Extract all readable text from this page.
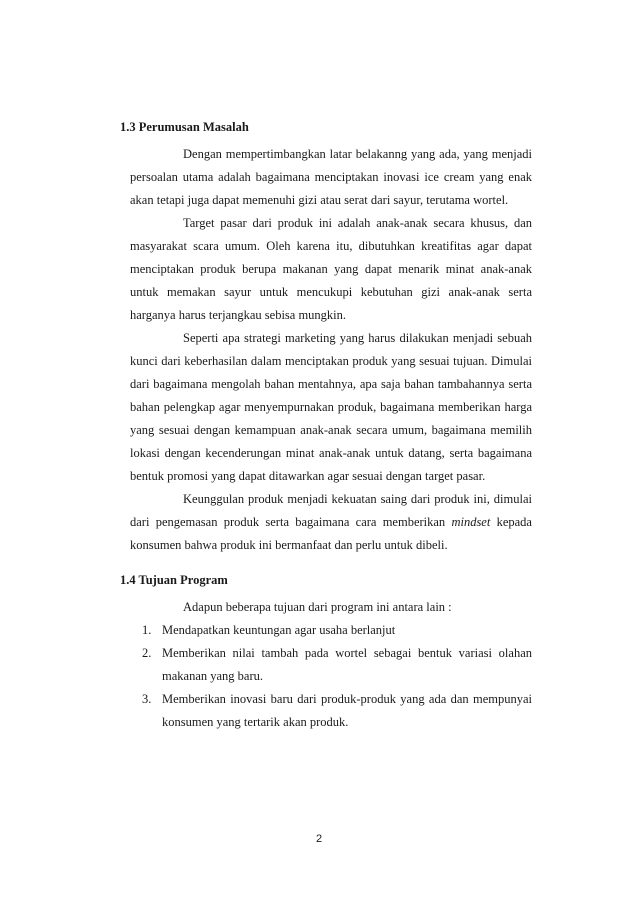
1.3 Perumusan Masalah

Dengan mempertimbangkan latar belakanng yang ada, yang menjadi persoalan utama adalah bagaimana menciptakan inovasi ice cream yang enak akan tetapi juga dapat memenuhi gizi atau serat dari sayur, terutama wortel.

Target pasar dari produk ini adalah anak-anak secara khusus, dan masyarakat scara umum. Oleh karena itu, dibutuhkan kreatifitas agar dapat menciptakan produk berupa makanan yang dapat menarik minat anak-anak untuk memakan sayur untuk mencukupi kebutuhan gizi anak-anak serta harganya harus terjangkau sebisa mungkin.

Seperti apa strategi marketing yang harus dilakukan menjadi sebuah kunci dari keberhasilan dalam menciptakan produk yang sesuai tujuan. Dimulai dari bagaimana mengolah bahan mentahnya, apa saja bahan tambahannya serta bahan pelengkap agar menyempurnakan produk, bagaimana memberikan harga yang sesuai dengan kemampuan anak-anak secara umum, bagaimana memilih lokasi dengan kecenderungan minat anak-anak untuk datang, serta bagaimana bentuk promosi yang dapat ditawarkan agar sesuai dengan target pasar.

Keunggulan produk menjadi kekuatan saing dari produk ini, dimulai dari pengemasan produk serta bagaimana cara memberikan mindset kepada konsumen bahwa produk ini bermanfaat dan perlu untuk dibeli.

1.4 Tujuan Program

Adapun beberapa tujuan dari program ini antara lain :

1. Mendapatkan keuntungan agar usaha berlanjut
2. Memberikan nilai tambah pada wortel sebagai bentuk variasi olahan makanan yang baru.
3. Memberikan inovasi baru dari produk-produk yang ada dan mempunyai konsumen yang tertarik akan produk.
2
